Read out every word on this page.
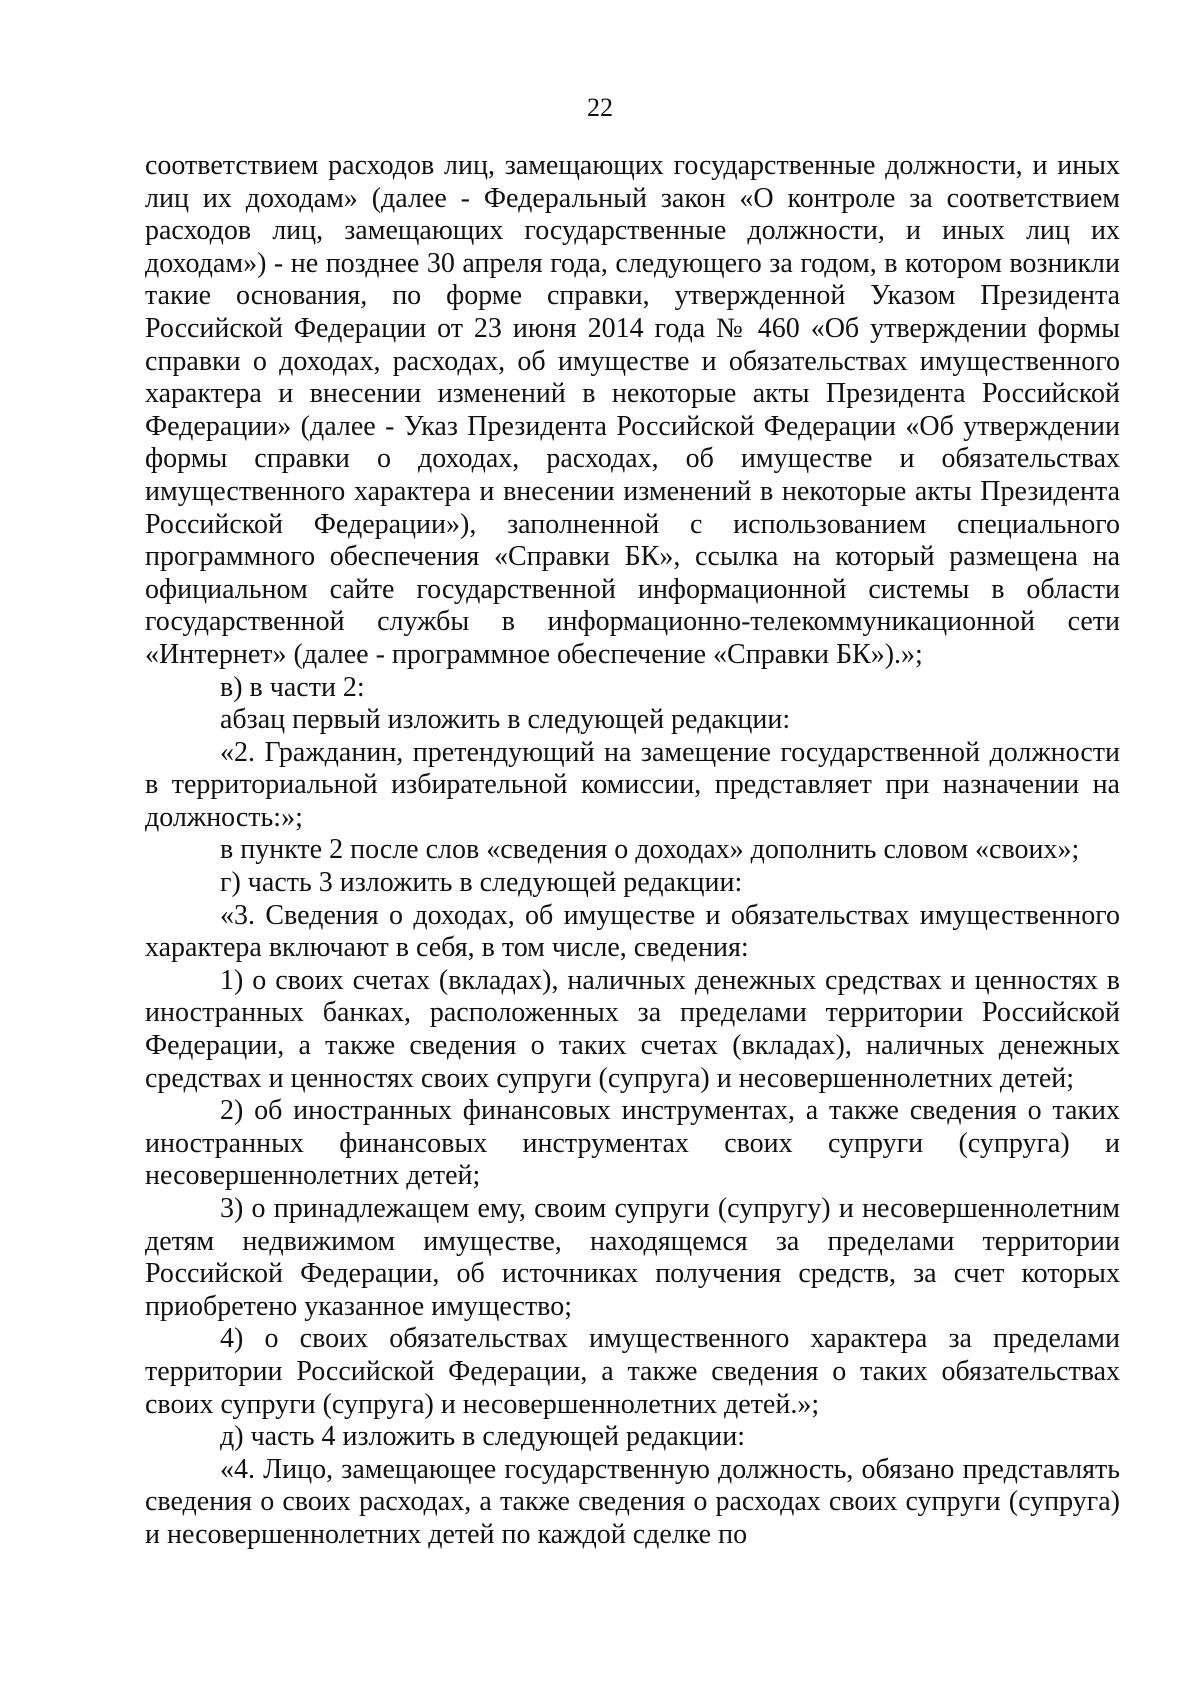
22

соответствием расходов лиц, замещающих государственные должности, и иных лиц их доходам» (далее - Федеральный закон «О контроле за соответствием расходов лиц, замещающих государственные должности, и иных лиц их доходам») - не позднее 30 апреля года, следующего за годом, в котором возникли такие основания, по форме справки, утвержденной Указом Президента Российской Федерации от 23 июня 2014 года № 460 «Об утверждении формы справки о доходах, расходах, об имуществе и обязательствах имущественного характера и внесении изменений в некоторые акты Президента Российской Федерации» (далее - Указ Президента Российской Федерации «Об утверждении формы справки о доходах, расходах, об имуществе и обязательствах имущественного характера и внесении изменений в некоторые акты Президента Российской Федерации»), заполненной с использованием специального программного обеспечения «Справки БК», ссылка на который размещена на официальном сайте государственной информационной системы в области государственной службы в информационно-телекоммуникационной сети «Интернет» (далее - программное обеспечение «Справки БК»).»;

в) в части 2:

абзац первый изложить в следующей редакции:

«2. Гражданин, претендующий на замещение государственной должности в территориальной избирательной комиссии, представляет при назначении на должность:»;

в пункте 2 после слов «сведения о доходах» дополнить словом «своих»;

г) часть 3 изложить в следующей редакции:

«3. Сведения о доходах, об имуществе и обязательствах имущественного характера включают в себя, в том числе, сведения:

1) о своих счетах (вкладах), наличных денежных средствах и ценностях в иностранных банках, расположенных за пределами территории Российской Федерации, а также сведения о таких счетах (вкладах), наличных денежных средствах и ценностях своих супруги (супруга) и несовершеннолетних детей;

2) об иностранных финансовых инструментах, а также сведения о таких иностранных финансовых инструментах своих супруги (супруга) и несовершеннолетних детей;

3) о принадлежащем ему, своим супруги (супругу) и несовершеннолетним детям недвижимом имуществе, находящемся за пределами территории Российской Федерации, об источниках получения средств, за счет которых приобретено указанное имущество;

4) о своих обязательствах имущественного характера за пределами территории Российской Федерации, а также сведения о таких обязательствах своих супруги (супруга) и несовершеннолетних детей.»;

д) часть 4 изложить в следующей редакции:

«4. Лицо, замещающее государственную должность, обязано представлять сведения о своих расходах, а также сведения о расходах своих супруги (супруга) и несовершеннолетних детей по каждой сделке по
